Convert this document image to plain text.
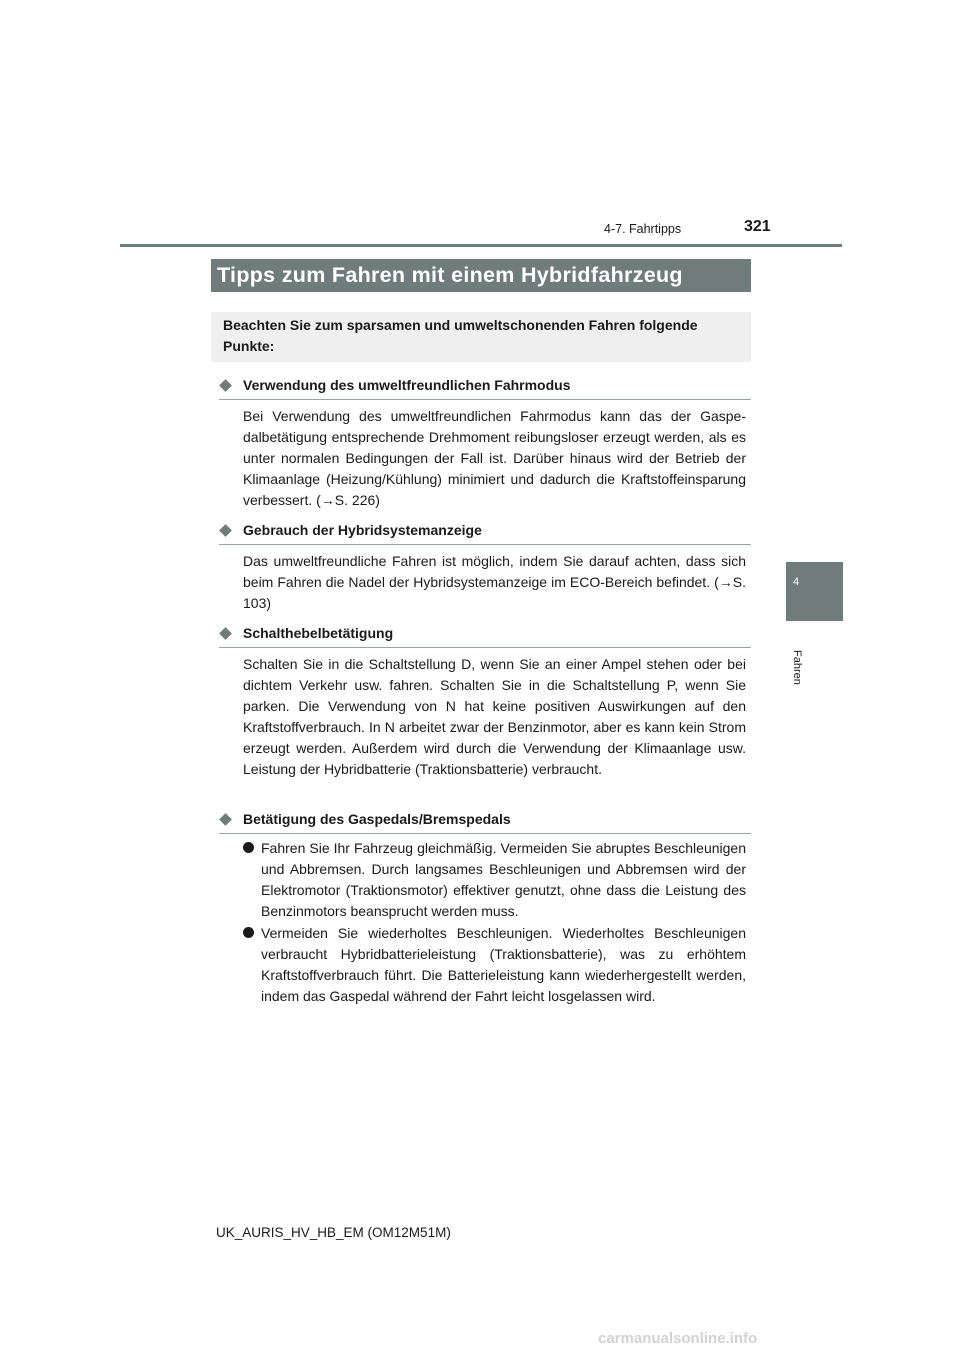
4-7. Fahrtipps	321
4
Fahren
Tipps zum Fahren mit einem Hybridfahrzeug
Beachten Sie zum sparsamen und umweltschonenden Fahren folgende Punkte:
Verwendung des umweltfreundlichen Fahrmodus
Bei Verwendung des umweltfreundlichen Fahrmodus kann das der Gaspedalbetätigung entsprechende Drehmoment reibungsloser erzeugt werden, als es unter normalen Bedingungen der Fall ist. Darüber hinaus wird der Betrieb der Klimaanlage (Heizung/Kühlung) minimiert und dadurch die Kraftstoffeinsparung verbessert. (→S. 226)
Gebrauch der Hybridsystemanzeige
Das umweltfreundliche Fahren ist möglich, indem Sie darauf achten, dass sich beim Fahren die Nadel der Hybridsystemanzeige im ECO-Bereich befindet. (→S. 103)
Schalthebelbetätigung
Schalten Sie in die Schaltstellung D, wenn Sie an einer Ampel stehen oder bei dichtem Verkehr usw. fahren. Schalten Sie in die Schaltstellung P, wenn Sie parken. Die Verwendung von N hat keine positiven Auswirkungen auf den Kraftstoffverbrauch. In N arbeitet zwar der Benzinmotor, aber es kann kein Strom erzeugt werden. Außerdem wird durch die Verwendung der Klimaanlage usw. Leistung der Hybridbatterie (Traktionsbatterie) verbraucht.
Betätigung des Gaspedals/Bremspedals
Fahren Sie Ihr Fahrzeug gleichmäßig. Vermeiden Sie abruptes Beschleunigen und Abbremsen. Durch langsames Beschleunigen und Abbremsen wird der Elektromotor (Traktionsmotor) effektiver genutzt, ohne dass die Leistung des Benzinmotors beansprucht werden muss.
Vermeiden Sie wiederholtes Beschleunigen. Wiederholtes Beschleunigen verbraucht Hybridbatterieleistung (Traktionsbatterie), was zu erhöhtem Kraftstoffverbrauch führt. Die Batterieleistung kann wiederhergestellt werden, indem das Gaspedal während der Fahrt leicht losgelassen wird.
UK_AURIS_HV_HB_EM (OM12M51M)
carmanualsonline.info
